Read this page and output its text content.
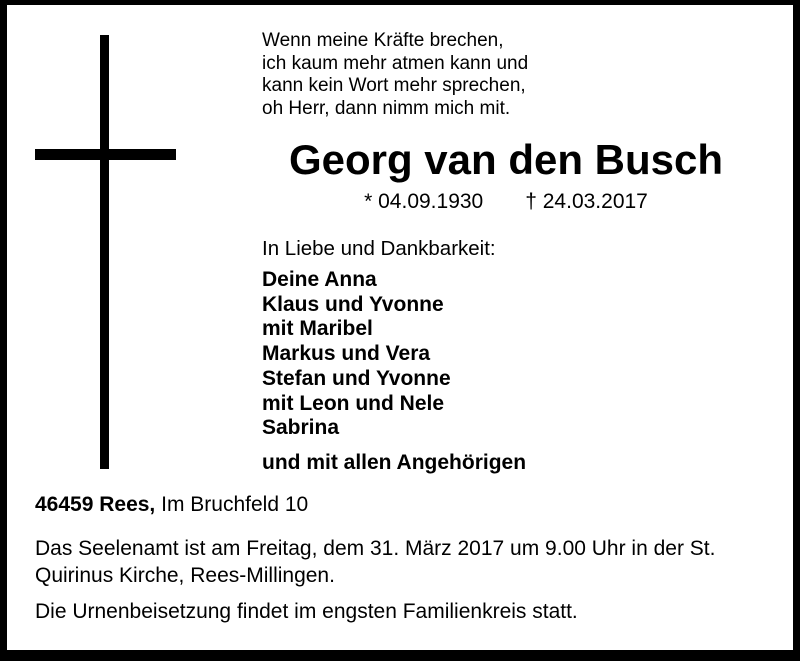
Wenn meine Kräfte brechen,
ich kaum mehr atmen kann und
kann kein Wort mehr sprechen,
oh Herr, dann nimm mich mit.
Georg van den Busch
* 04.09.1930 † 24.03.2017
In Liebe und Dankbarkeit:
Deine Anna
Klaus und Yvonne
mit Maribel
Markus und Vera
Stefan und Yvonne
mit Leon und Nele
Sabrina
und mit allen Angehörigen
46459 Rees, Im Bruchfeld 10
Das Seelenamt ist am Freitag, dem 31. März 2017 um 9.00 Uhr in der St. Quirinus Kirche, Rees-Millingen.
Die Urnenbeisetzung findet im engsten Familienkreis statt.
